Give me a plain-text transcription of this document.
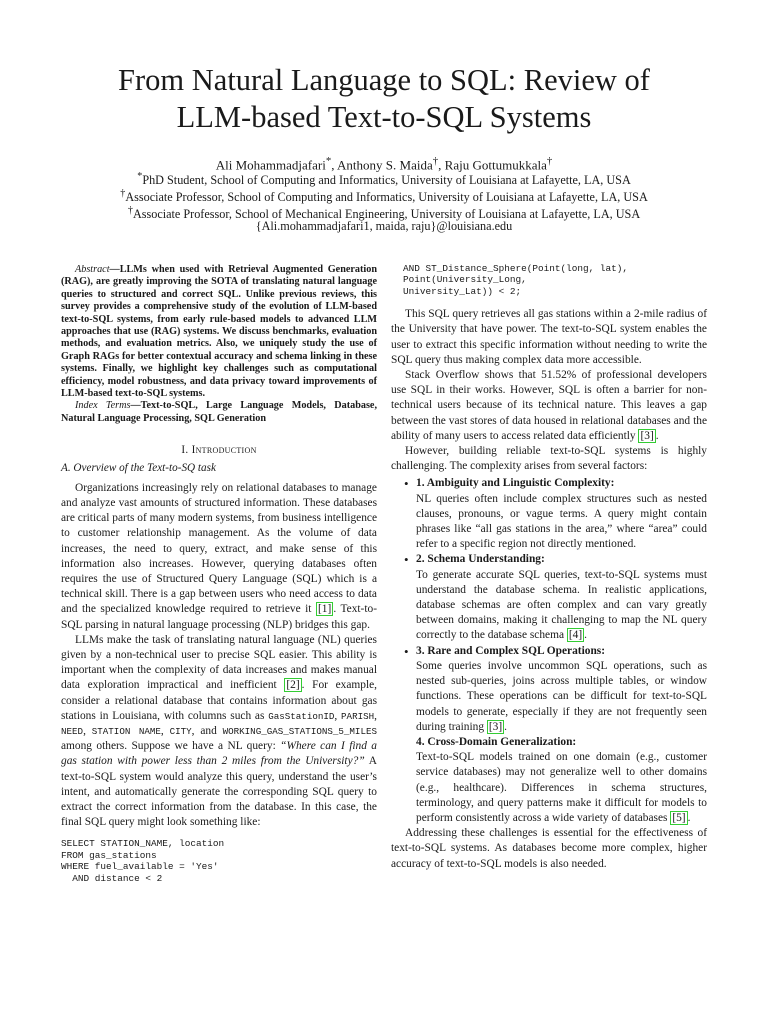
From Natural Language to SQL: Review of
LLM-based Text-to-SQL Systems
Ali Mohammadjafari*, Anthony S. Maida†, Raju Gottumukkala†
*PhD Student, School of Computing and Informatics, University of Louisiana at Lafayette, LA, USA
†Associate Professor, School of Computing and Informatics, University of Louisiana at Lafayette, LA, USA
†Associate Professor, School of Mechanical Engineering, University of Louisiana at Lafayette, LA, USA
{Ali.mohammadjafari1, maida, raju}@louisiana.edu

Abstract—LLMs when used with Retrieval Augmented Generation (RAG), are greatly improving the SOTA of translating natural language queries to structured and correct SQL. Unlike previous reviews, this survey provides a comprehensive study of the evolution of LLM-based text-to-SQL systems, from early rule-based models to advanced LLM approaches that use (RAG) systems. We discuss benchmarks, evaluation methods, and evaluation metrics. Also, we uniquely study the use of Graph RAGs for better contextual accuracy and schema linking in these systems. Finally, we highlight key challenges such as computational efficiency, model robustness, and data privacy toward improvements of LLM-based text-to-SQL systems.

Index Terms—Text-to-SQL, Large Language Models, Database, Natural Language Processing, SQL Generation

I. Introduction
A. Overview of the Text-to-SQ task

Organizations increasingly rely on relational databases to manage and analyze vast amounts of structured information. These databases are critical parts of many modern systems, from business intelligence to customer relationship management. As the volume of data increases, the need to query, extract, and make sense of this information also increases. However, querying databases often requires the use of Structured Query Language (SQL) which is a technical skill. There is a gap between users who need access to data and the specialized knowledge required to retrieve it [1] . Text-to-SQL parsing in natural language processing (NLP) bridges this gap.

LLMs make the task of translating natural language (NL) queries given by a non-technical user to precise SQL easier. This ability is important when the complexity of data increases and makes manual data exploration impractical and inefficient [2] . For example, consider a relational database that contains information about gas stations in Louisiana, with columns such as GasStationID, PARISH, NEED, STATION NAME, CITY, and WORKING_GAS_STATIONS_5_MILES among others. Suppose we have a NL query: “Where can I find a gas station with power less than 2 miles from the University?” A text-to-SQL system would analyze this query, understand the user’s intent, and automatically generate the corresponding SQL query to extract the correct information from the database. In this case, the final SQL query might look something like:

SELECT STATION_NAME, location
FROM gas_stations
WHERE fuel_available = 'Yes'
AND distance < 2
AND ST_Distance_Sphere(Point(long, lat),
Point(University_Long,
University_Lat)) < 2;

This SQL query retrieves all gas stations within a 2-mile radius of the University that have power. The text-to-SQL system enables the user to extract this specific information without needing to write the SQL query thus making complex data more accessible.

Stack Overflow shows that 51.52% of professional developers use SQL in their works. However, SQL is often a barrier for non-technical users because of its technical nature. This leaves a gap between the vast stores of data housed in relational databases and the ability of many users to access related data efficiently [3] .

However, building reliable text-to-SQL systems is highly challenging. The complexity arises from several factors:

• 1. Ambiguity and Linguistic Complexity:
NL queries often include complex structures such as nested clauses, pronouns, or vague terms. A query might contain phrases like “all gas stations in the area,” where “area” could refer to a specific region not directly mentioned.
• 2. Schema Understanding:
To generate accurate SQL queries, text-to-SQL systems must understand the database schema. In realistic applications, database schemas are often complex and can vary greatly between domains, making it challenging to map the NL query correctly to the database schema [4] .
• 3. Rare and Complex SQL Operations:
Some queries involve uncommon SQL operations, such as nested sub-queries, joins across multiple tables, or window functions. These operations can be difficult for text-to-SQL models to generate, especially if they are not frequently seen during training [3] .
4. Cross-Domain Generalization:
Text-to-SQL models trained on one domain (e.g., customer service databases) may not generalize well to other domains (e.g., healthcare). Differences in schema structures, terminology, and query patterns make it difficult for models to perform consistently across a wide variety of databases [5] .

Addressing these challenges is essential for the effectiveness of text-to-SQL systems. As databases become more complex, higher accuracy of text-to-SQL models is also needed.
